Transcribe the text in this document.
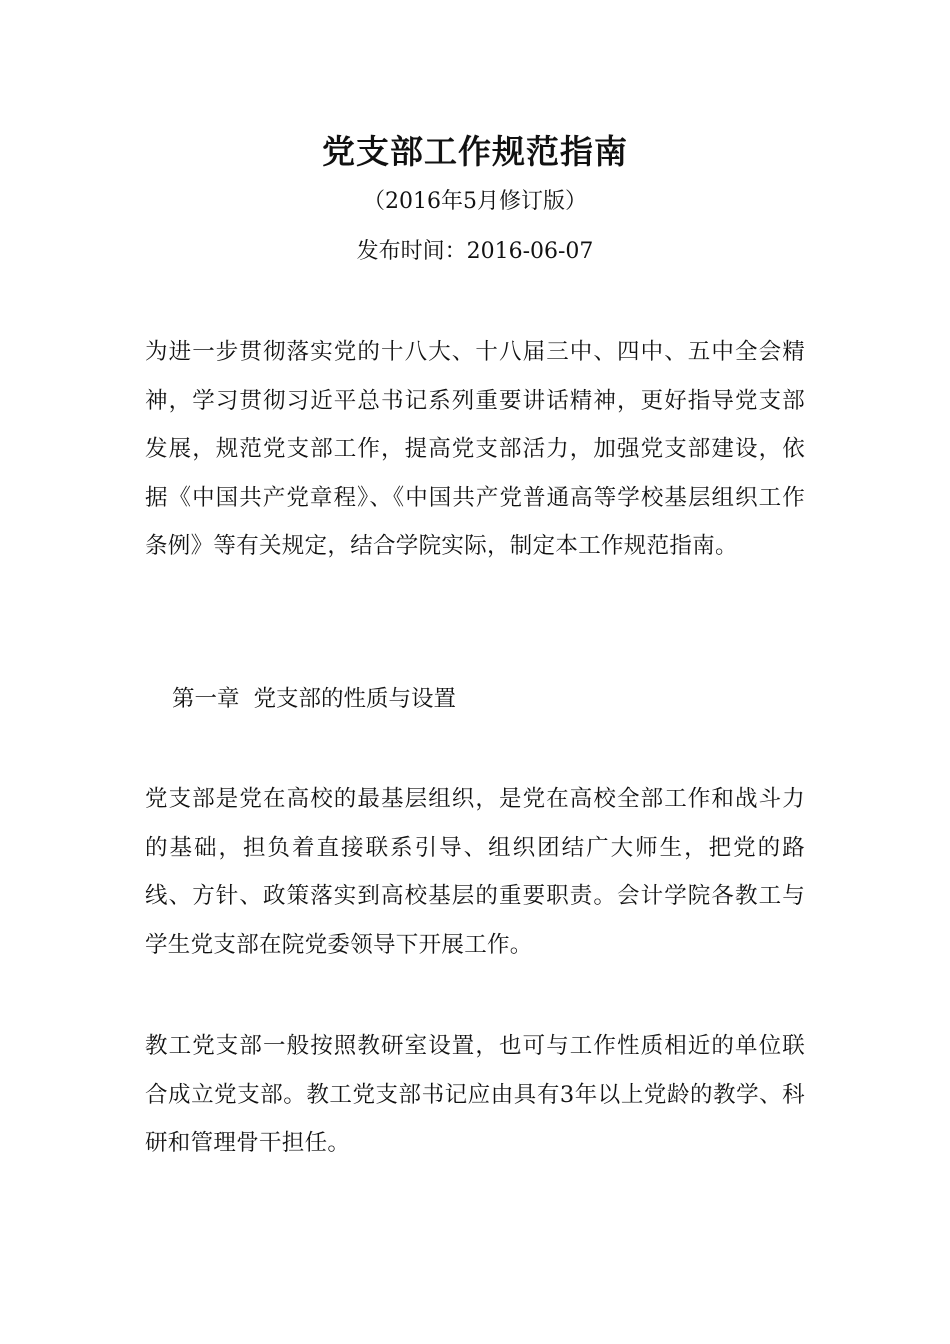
党支部工作规范指南
（2016年5月修订版）
发布时间：2016-06-07
为进一步贯彻落实党的十八大、十八届三中、四中、五中全会精神，学习贯彻习近平总书记系列重要讲话精神，更好指导党支部发展，规范党支部工作，提高党支部活力，加强党支部建设，依据《中国共产党章程》、《中国共产党普通高等学校基层组织工作条例》等有关规定，结合学院实际，制定本工作规范指南。
第一章 党支部的性质与设置
党支部是党在高校的最基层组织，是党在高校全部工作和战斗力的基础，担负着直接联系引导、组织团结广大师生，把党的路线、方针、政策落实到高校基层的重要职责。会计学院各教工与学生党支部在院党委领导下开展工作。
教工党支部一般按照教研室设置，也可与工作性质相近的单位联合成立党支部。教工党支部书记应由具有3年以上党龄的教学、科研和管理骨干担任。
